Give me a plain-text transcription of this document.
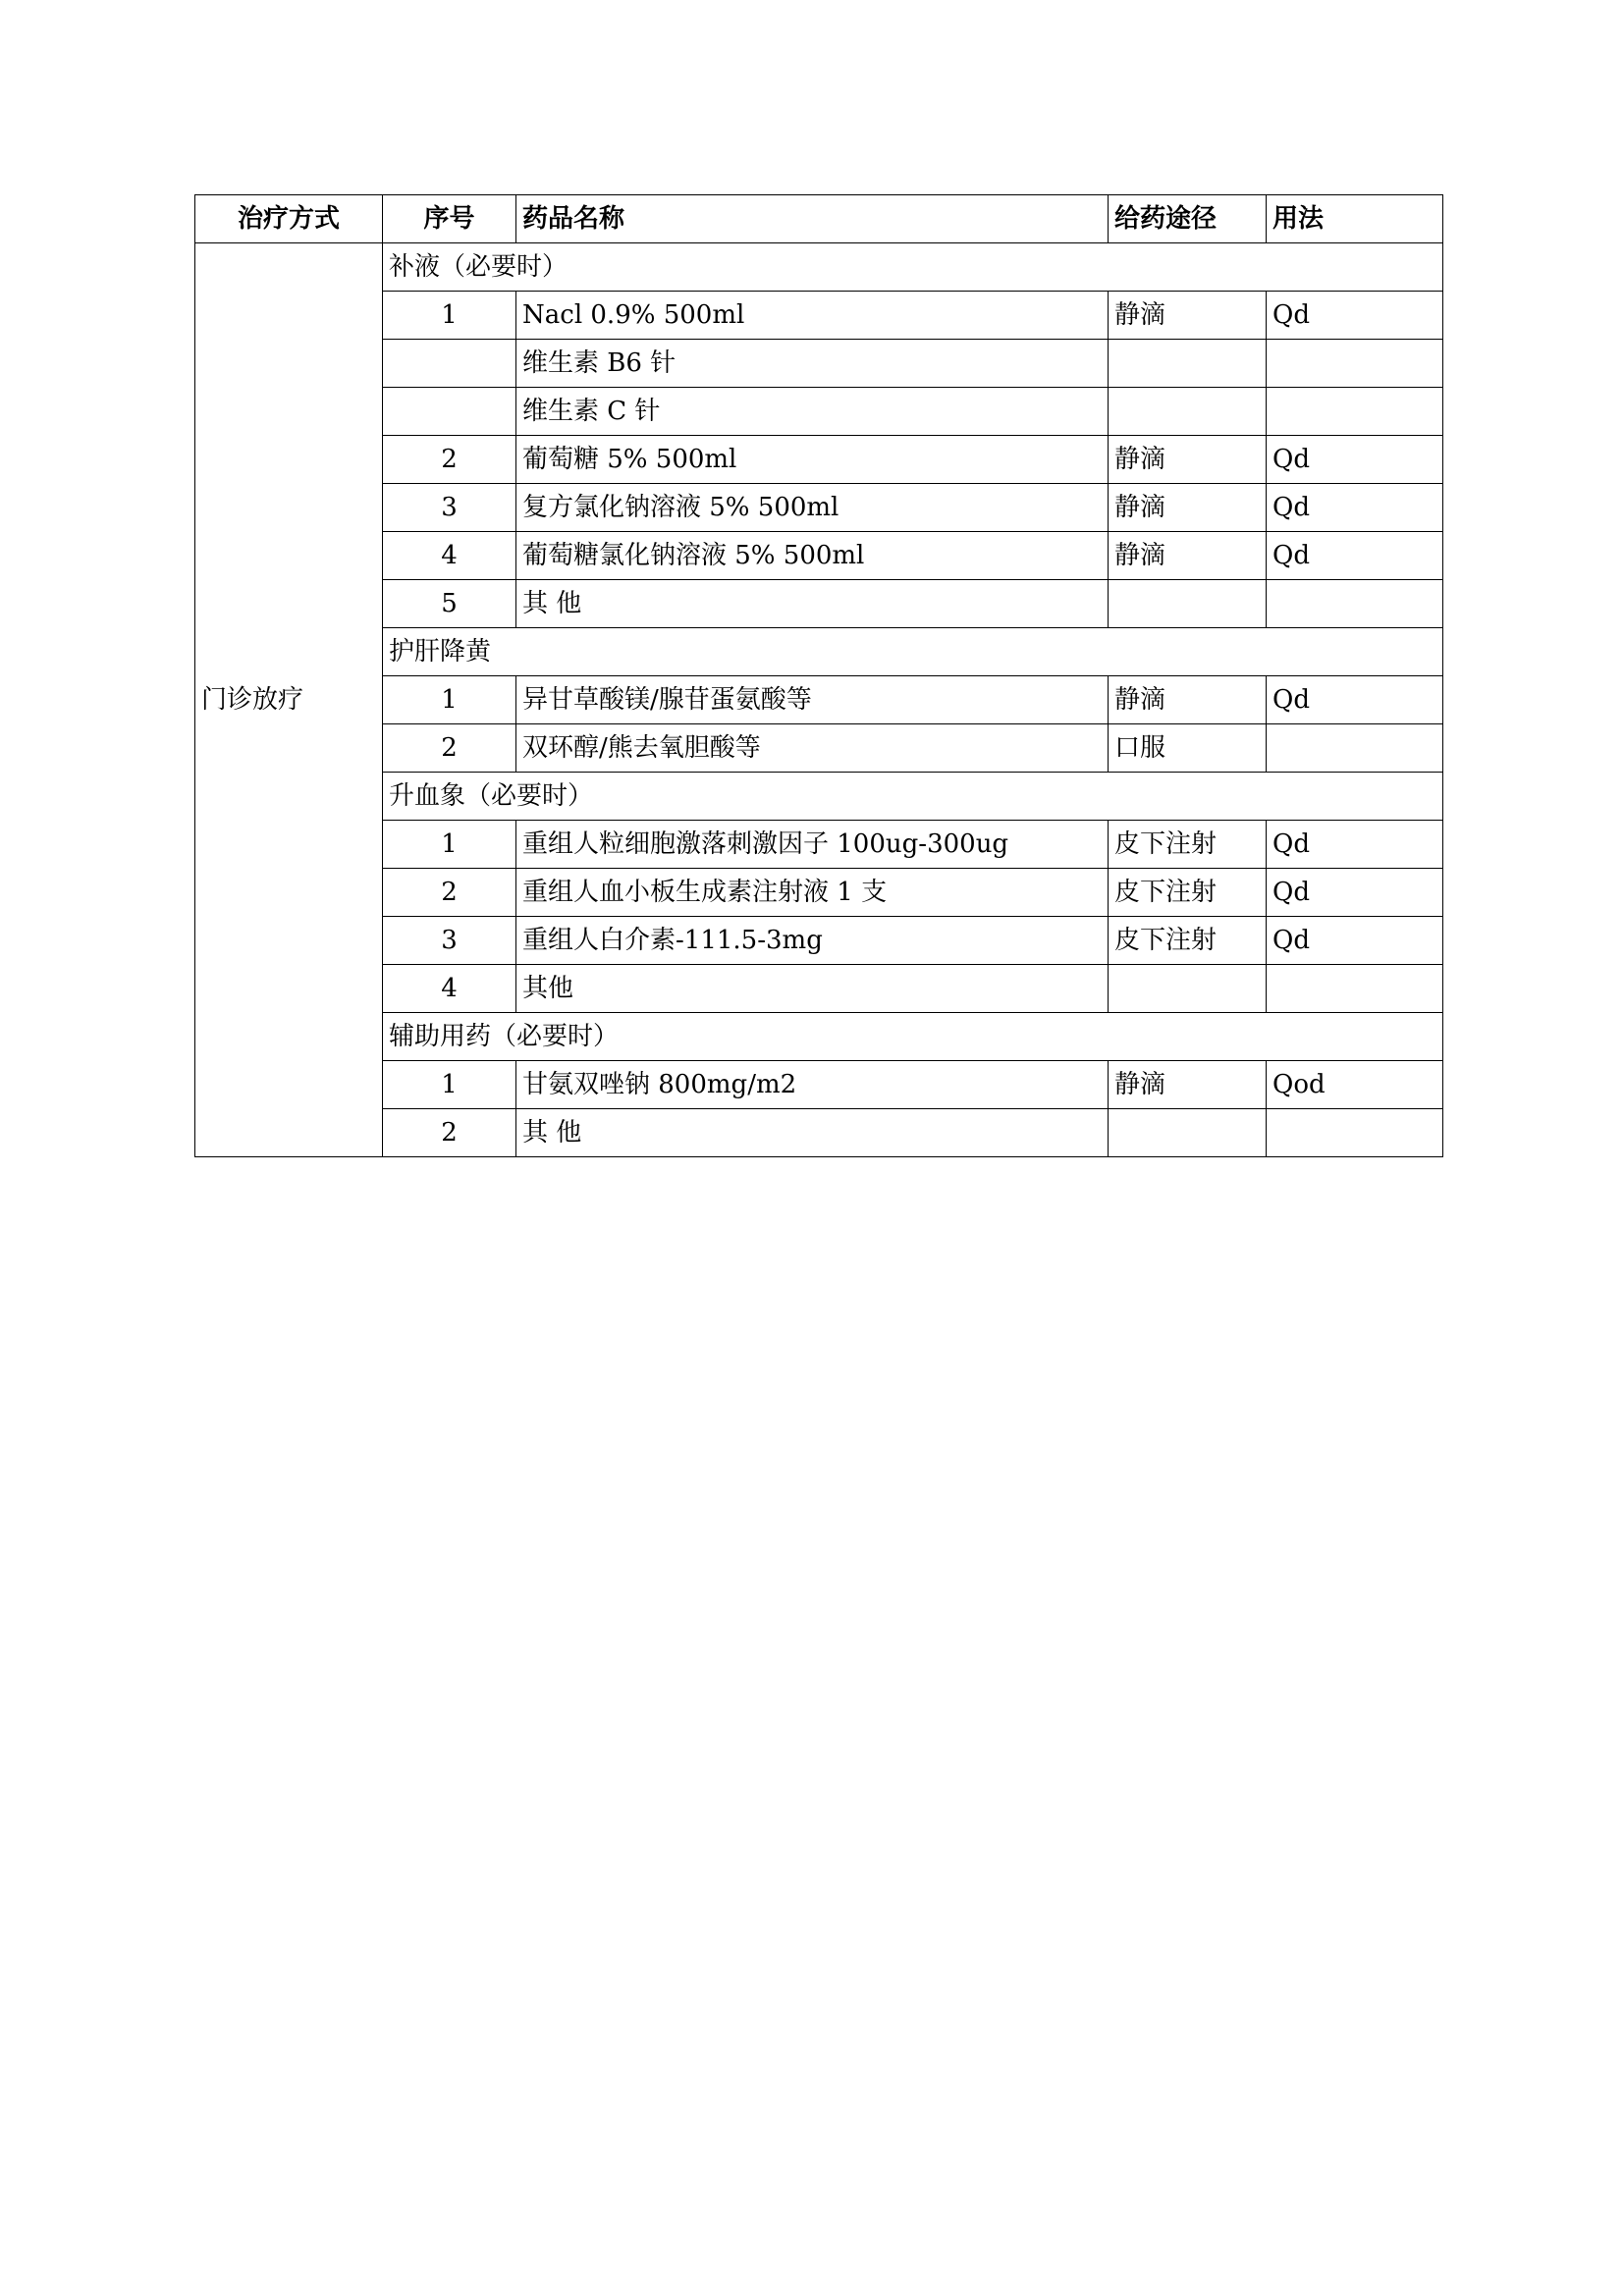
治疗方式	序号	药品名称	给药途径	用法
门诊放疗	补液（必要时）			
	1	Nacl 0.9% 500ml	静滴	Qd
		维生素 B6 针		
		维生素 C 针		
	2	葡萄糖 5% 500ml	静滴	Qd
	3	复方氯化钠溶液 5% 500ml	静滴	Qd
	4	葡萄糖氯化钠溶液 5% 500ml	静滴	Qd
	5	其 他		
	护肝降黄			
	1	异甘草酸镁/腺苷蛋氨酸等	静滴	Qd
	2	双环醇/熊去氧胆酸等	口服	
	升血象（必要时）			
	1	重组人粒细胞激落刺激因子 100ug-300ug	皮下注射	Qd
	2	重组人血小板生成素注射液 1 支	皮下注射	Qd
	3	重组人白介素-111.5-3mg	皮下注射	Qd
	4	其他		
	辅助用药（必要时）			
	1	甘氨双唑钠 800mg/m2	静滴	Qod
	2	其 他		
